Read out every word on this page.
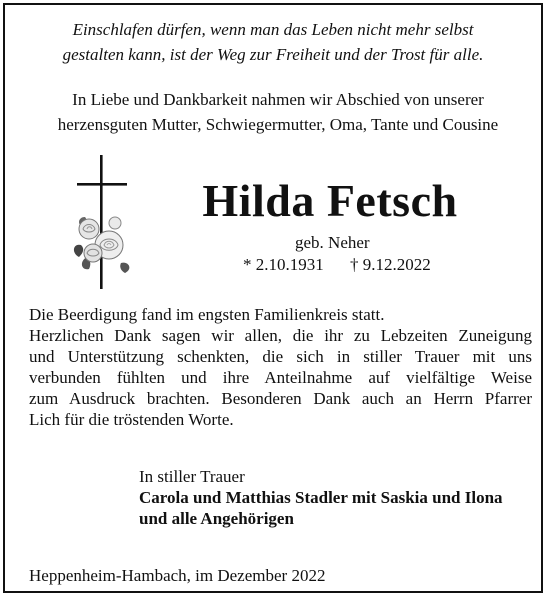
Einschlafen dürfen, wenn man das Leben nicht mehr selbst
gestalten kann, ist der Weg zur Freiheit und der Trost für alle.
In Liebe und Dankbarkeit nahmen wir Abschied von unserer
herzensguten Mutter, Schwiegermutter, Oma, Tante und Cousine
Hilda Fetsch
geb. Neher
* 2.10.1931 † 9.12.2022
Die Beerdigung fand im engsten Familienkreis statt.
Herzlichen Dank sagen wir allen, die ihr zu Lebzeiten Zuneigung
und Unterstützung schenkten, die sich in stiller Trauer mit uns
verbunden fühlten und ihre Anteilnahme auf vielfältige Weise
zum Ausdruck brachten. Besonderen Dank auch an Herrn Pfarrer
Lich für die tröstenden Worte.
In stiller Trauer
Carola und Matthias Stadler mit Saskia und Ilona
und alle Angehörigen
Heppenheim-Hambach, im Dezember 2022
